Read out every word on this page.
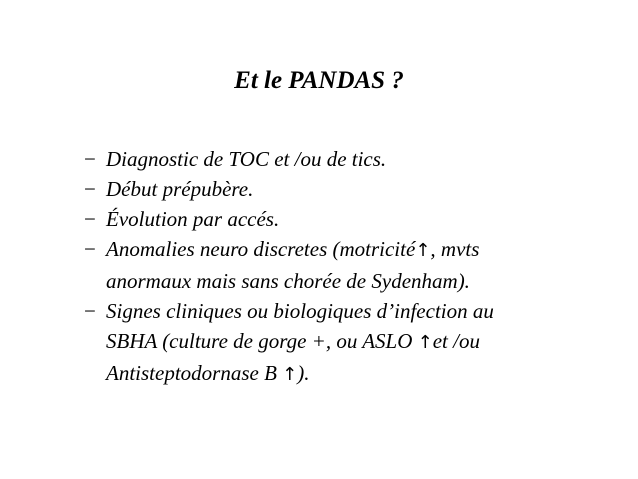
Et le PANDAS ?
− Diagnostic de TOC et /ou de tics.
− Début prépubère.
− Évolution par accés.
− Anomalies neuro discretes (motricité↑, mvts
anormaux mais sans chorée de Sydenham).
− Signes cliniques ou biologiques d’infection au
SBHA (culture de gorge +, ou ASLO ↑et /ou
Antisteptodornase B ↑).
